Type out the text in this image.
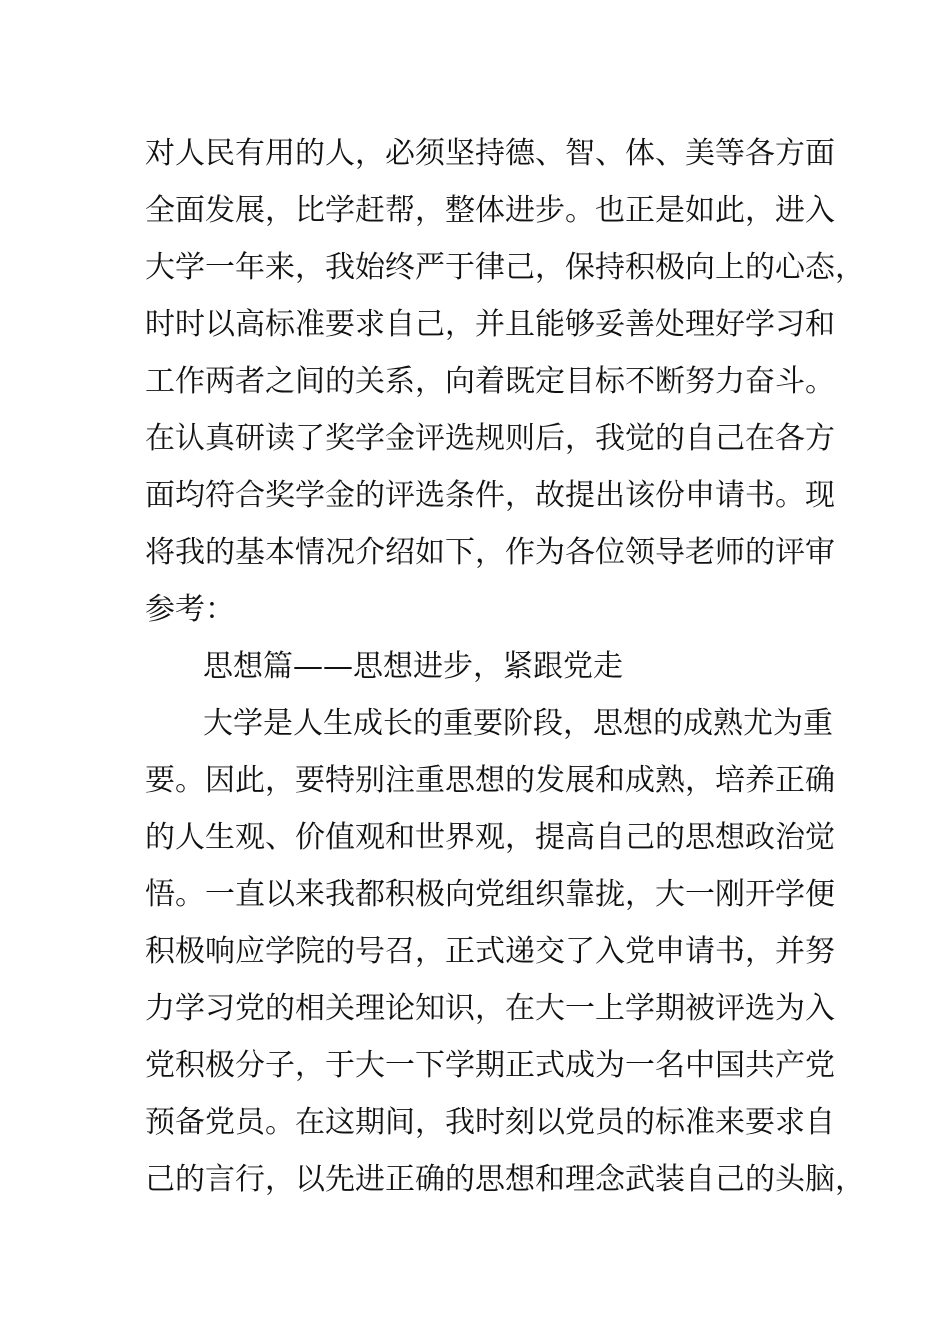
对人民有用的人，必须坚持德、智、体、美等各方面
全面发展，比学赶帮，整体进步。也正是如此，进入
大学一年来，我始终严于律己，保持积极向上的心态，
时时以高标准要求自己，并且能够妥善处理好学习和
工作两者之间的关系，向着既定目标不断努力奋斗。
在认真研读了奖学金评选规则后，我觉的自己在各方
面均符合奖学金的评选条件，故提出该份申请书。现
将我的基本情况介绍如下，作为各位领导老师的评审
参考：
思想篇——思想进步，紧跟党走
大学是人生成长的重要阶段，思想的成熟尤为重
要。因此，要特别注重思想的发展和成熟，培养正确
的人生观、价值观和世界观，提高自己的思想政治觉
悟。一直以来我都积极向党组织靠拢，大一刚开学便
积极响应学院的号召，正式递交了入党申请书，并努
力学习党的相关理论知识，在大一上学期被评选为入
党积极分子，于大一下学期正式成为一名中国共产党
预备党员。在这期间，我时刻以党员的标准来要求自
己的言行，以先进正确的思想和理念武装自己的头脑，
